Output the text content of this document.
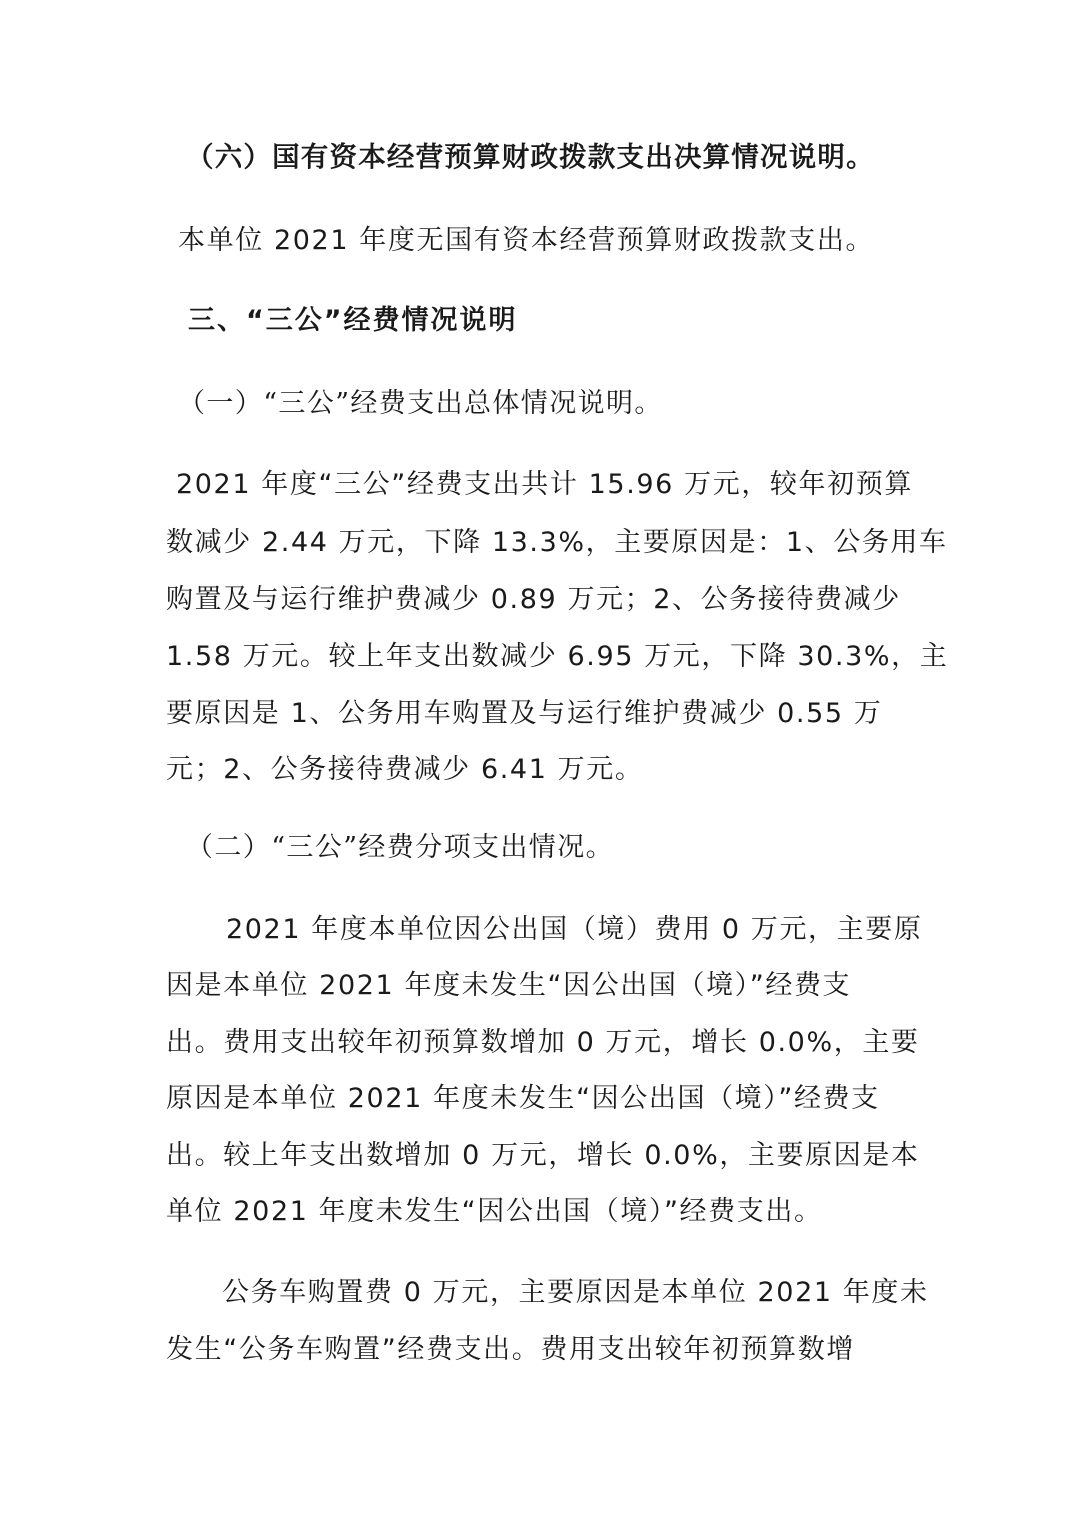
（六）国有资本经营预算财政拨款支出决算情况说明。
本单位 2021 年度无国有资本经营预算财政拨款支出。
三、“三公”经费情况说明
（一）“三公”经费支出总体情况说明。
2021 年度“三公”经费支出共计 15.96 万元，较年初预算
数减少 2.44 万元，下降 13.3%，主要原因是：1、公务用车
购置及与运行维护费减少 0.89 万元；2、公务接待费减少
1.58 万元。较上年支出数减少 6.95 万元，下降 30.3%，主
要原因是 1、公务用车购置及与运行维护费减少 0.55 万
元；2、公务接待费减少 6.41 万元。
（二）“三公”经费分项支出情况。
2021 年度本单位因公出国（境）费用 0 万元，主要原
因是本单位 2021 年度未发生“因公出国（境）”经费支
出。费用支出较年初预算数增加 0 万元，增长 0.0%，主要
原因是本单位 2021 年度未发生“因公出国（境）”经费支
出。较上年支出数增加 0 万元，增长 0.0%，主要原因是本
单位 2021 年度未发生“因公出国（境）”经费支出。
公务车购置费 0 万元，主要原因是本单位 2021 年度未
发生“公务车购置”经费支出。费用支出较年初预算数增
